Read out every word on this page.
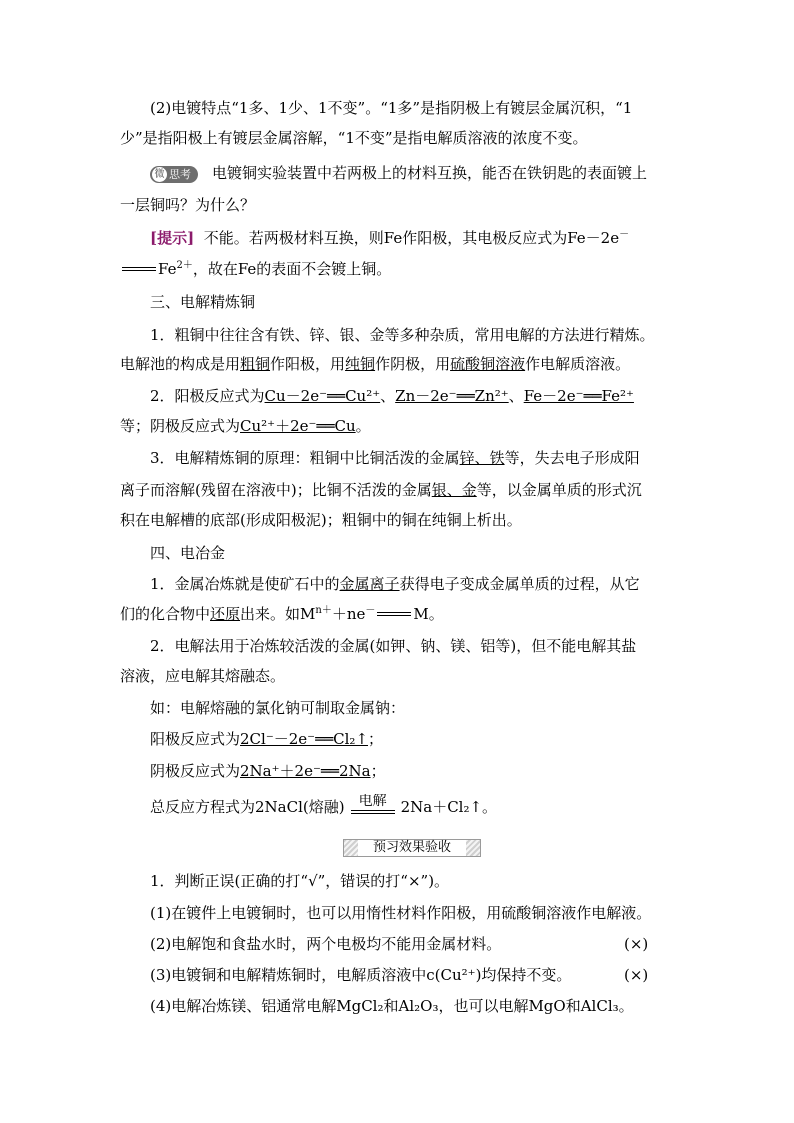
(2)电镀特点“1多、1少、1不变”。“1多”是指阴极上有镀层金属沉积，“1
少”是指阳极上有镀层金属溶解，“1不变”是指电解质溶液的浓度不变。
微 思考 电镀铜实验装置中若两极上的材料互换，能否在铁钥匙的表面镀上
一层铜吗？为什么？
[提示] 不能。若两极材料互换，则Fe作阳极，其电极反应式为Fe－2e－
$Fe^{2+}$，故在Fe的表面不会镀上铜。
三、电解精炼铜
1．粗铜中往往含有铁、锌、银、金等多种杂质，常用电解的方法进行精炼。
电解池的构成是用粗铜作阳极，用纯铜作阴极，用硫酸铜溶液作电解质溶液。
2．阳极反应式为Cu－2e⁻══Cu²⁺、Zn－2e⁻══Zn²⁺、Fe－2e⁻══Fe²⁺
等；阴极反应式为Cu²⁺＋2e⁻══Cu。
3．电解精炼铜的原理：粗铜中比铜活泼的金属锌、铁等，失去电子形成阳
离子而溶解(残留在溶液中)；比铜不活泼的金属银、金等，以金属单质的形式沉
积在电解槽的底部(形成阳极泥)；粗铜中的铜在纯铜上析出。
四、电冶金
1．金属冶炼就是使矿石中的金属离子获得电子变成金属单质的过程，从它
们的化合物中还原出来。如$M^{n+}+ne^-$	M。
2．电解法用于冶炼较活泼的金属(如钾、钠、镁、铝等)，但不能电解其盐
溶液，应电解其熔融态。
如：电解熔融的氯化钠可制取金属钠：
阳极反应式为2Cl⁻－2e⁻══Cl₂↑；
阴极反应式为2Na⁺＋2e⁻══2Na；
总反应方程式为2NaCl(熔融)	电解 2Na＋Cl₂↑。
预习效果验收
1．判断正误(正确的打“√”，错误的打“×”)。
(1)在镀件上电镀铜时，也可以用惰性材料作阳极，用硫酸铜溶液作电解液。
(2)电解饱和食盐水时，两个电极均不能用金属材料。	(×)
(3)电镀铜和电解精炼铜时，电解质溶液中c(Cu²⁺)均保持不变。	(×)
(4)电解冶炼镁、铝通常电解MgCl₂和Al₂O₃，也可以电解MgO和AlCl₃。
